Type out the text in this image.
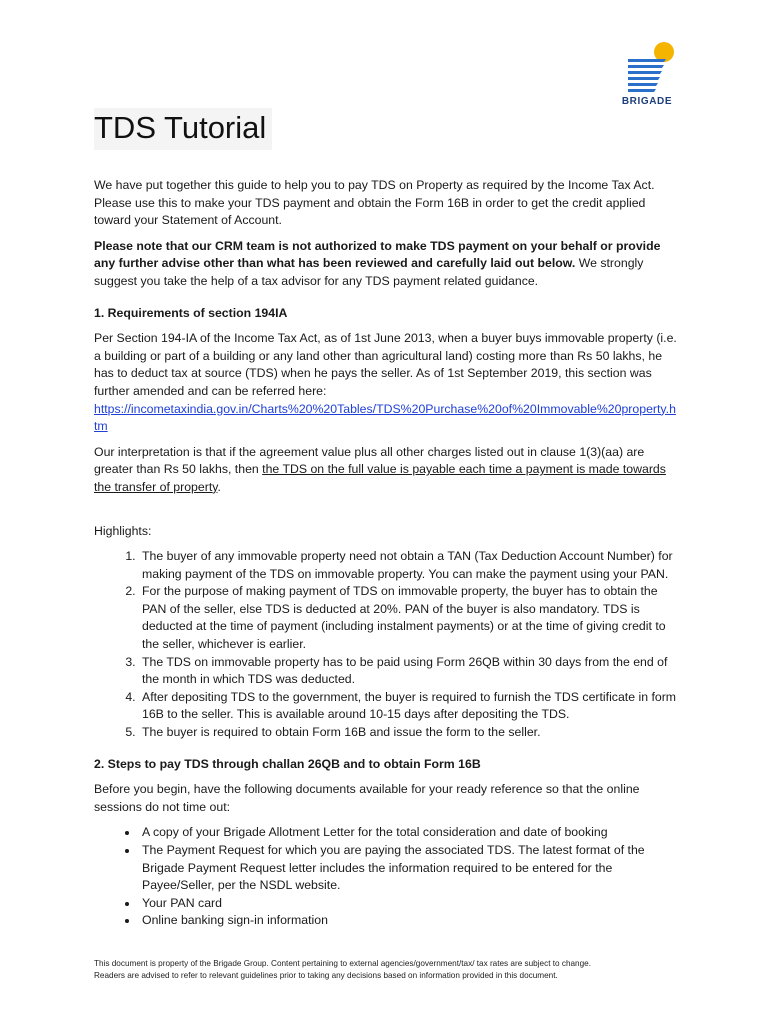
BRIGADE
TDS Tutorial

We have put together this guide to help you to pay TDS on Property as required by the Income Tax Act. Please use this to make your TDS payment and obtain the Form 16B in order to get the credit applied toward your Statement of Account.

Please note that our CRM team is not authorized to make TDS payment on your behalf or provide any further advise other than what has been reviewed and carefully laid out below. We strongly suggest you take the help of a tax advisor for any TDS payment related guidance.

1. Requirements of section 194IA

Per Section 194-IA of the Income Tax Act, as of 1st June 2013, when a buyer buys immovable property (i.e. a building or part of a building or any land other than agricultural land) costing more than Rs 50 lakhs, he has to deduct tax at source (TDS) when he pays the seller. As of 1st September 2019, this section was further amended and can be referred here:
https://incometaxindia.gov.in/Charts%20%20Tables/TDS%20Purchase%20of%20Immovable%20property.htm

Our interpretation is that if the agreement value plus all other charges listed out in clause 1(3)(aa) are greater than Rs 50 lakhs, then the TDS on the full value is payable each time a payment is made towards the transfer of property.

Highlights:
1. The buyer of any immovable property need not obtain a TAN (Tax Deduction Account Number) for making payment of the TDS on immovable property. You can make the payment using your PAN.
2. For the purpose of making payment of TDS on immovable property, the buyer has to obtain the PAN of the seller, else TDS is deducted at 20%. PAN of the buyer is also mandatory. TDS is deducted at the time of payment (including instalment payments) or at the time of giving credit to the seller, whichever is earlier.
3. The TDS on immovable property has to be paid using Form 26QB within 30 days from the end of the month in which TDS was deducted.
4. After depositing TDS to the government, the buyer is required to furnish the TDS certificate in form 16B to the seller. This is available around 10-15 days after depositing the TDS.
5. The buyer is required to obtain Form 16B and issue the form to the seller.
2. Steps to pay TDS through challan 26QB and to obtain Form 16B

Before you begin, have the following documents available for your ready reference so that the online sessions do not time out:

• A copy of your Brigade Allotment Letter for the total consideration and date of booking
• The Payment Request for which you are paying the associated TDS. The latest format of the Brigade Payment Request letter includes the information required to be entered for the Payee/Seller, per the NSDL website.
• Your PAN card
• Online banking sign-in information
This document is property of the Brigade Group. Content pertaining to external agencies/government/tax/ tax rates are subject to change.
Readers are advised to refer to relevant guidelines prior to taking any decisions based on information provided in this document.
